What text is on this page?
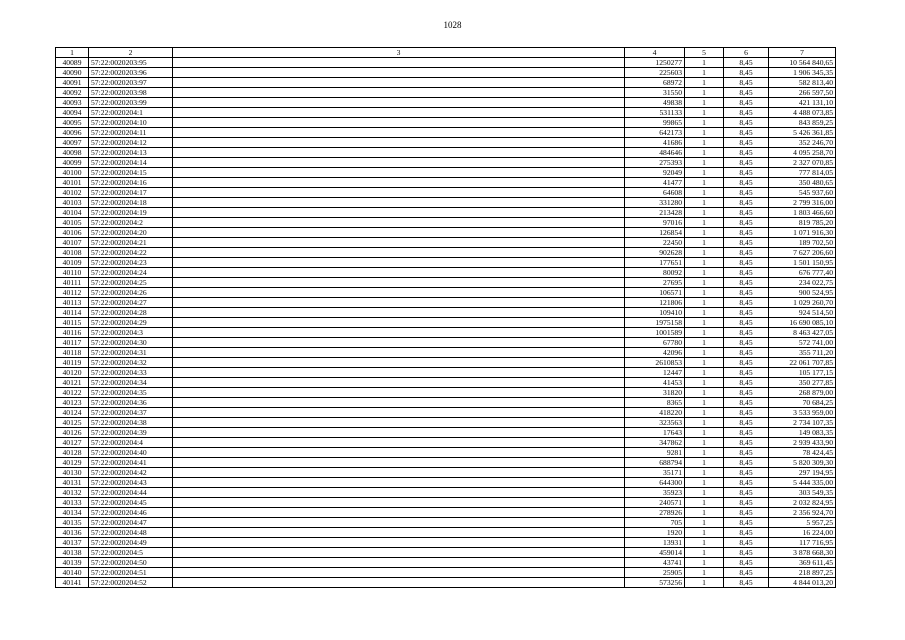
1028
1	2	3	4	5	6	7
40089	57:22:0020203:95		1250277	1	8,45	10 564 840,65
40090	57:22:0020203:96		225603	1	8,45	1 906 345,35
40091	57:22:0020203:97		68972	1	8,45	582 813,40
40092	57:22:0020203:98		31550	1	8,45	266 597,50
40093	57:22:0020203:99		49838	1	8,45	421 131,10
40094	57:22:0020204:1		531133	1	8,45	4 488 073,85
40095	57:22:0020204:10		99865	1	8,45	843 859,25
40096	57:22:0020204:11		642173	1	8,45	5 426 361,85
40097	57:22:0020204:12		41686	1	8,45	352 246,70
40098	57:22:0020204:13		484646	1	8,45	4 095 258,70
40099	57:22:0020204:14		275393	1	8,45	2 327 070,85
40100	57:22:0020204:15		92049	1	8,45	777 814,05
40101	57:22:0020204:16		41477	1	8,45	350 480,65
40102	57:22:0020204:17		64608	1	8,45	545 937,60
40103	57:22:0020204:18		331280	1	8,45	2 799 316,00
40104	57:22:0020204:19		213428	1	8,45	1 803 466,60
40105	57:22:0020204:2		97016	1	8,45	819 785,20
40106	57:22:0020204:20		126854	1	8,45	1 071 916,30
40107	57:22:0020204:21		22450	1	8,45	189 702,50
40108	57:22:0020204:22		902628	1	8,45	7 627 206,60
40109	57:22:0020204:23		177651	1	8,45	1 501 150,95
40110	57:22:0020204:24		80092	1	8,45	676 777,40
40111	57:22:0020204:25		27695	1	8,45	234 022,75
40112	57:22:0020204:26		106571	1	8,45	900 524,95
40113	57:22:0020204:27		121806	1	8,45	1 029 260,70
40114	57:22:0020204:28		109410	1	8,45	924 514,50
40115	57:22:0020204:29		1975158	1	8,45	16 690 085,10
40116	57:22:0020204:3		1001589	1	8,45	8 463 427,05
40117	57:22:0020204:30		67780	1	8,45	572 741,00
40118	57:22:0020204:31		42096	1	8,45	355 711,20
40119	57:22:0020204:32		2610853	1	8,45	22 061 707,85
40120	57:22:0020204:33		12447	1	8,45	105 177,15
40121	57:22:0020204:34		41453	1	8,45	350 277,85
40122	57:22:0020204:35		31820	1	8,45	268 879,00
40123	57:22:0020204:36		8365	1	8,45	70 684,25
40124	57:22:0020204:37		418220	1	8,45	3 533 959,00
40125	57:22:0020204:38		323563	1	8,45	2 734 107,35
40126	57:22:0020204:39		17643	1	8,45	149 083,35
40127	57:22:0020204:4		347862	1	8,45	2 939 433,90
40128	57:22:0020204:40		9281	1	8,45	78 424,45
40129	57:22:0020204:41		688794	1	8,45	5 820 309,30
40130	57:22:0020204:42		35171	1	8,45	297 194,95
40131	57:22:0020204:43		644300	1	8,45	5 444 335,00
40132	57:22:0020204:44		35923	1	8,45	303 549,35
40133	57:22:0020204:45		240571	1	8,45	2 032 824,95
40134	57:22:0020204:46		278926	1	8,45	2 356 924,70
40135	57:22:0020204:47		705	1	8,45	5 957,25
40136	57:22:0020204:48		1920	1	8,45	16 224,00
40137	57:22:0020204:49		13931	1	8,45	117 716,95
40138	57:22:0020204:5		459014	1	8,45	3 878 668,30
40139	57:22:0020204:50		43741	1	8,45	369 611,45
40140	57:22:0020204:51		25905	1	8,45	218 897,25
40141	57:22:0020204:52		573256	1	8,45	4 844 013,20
